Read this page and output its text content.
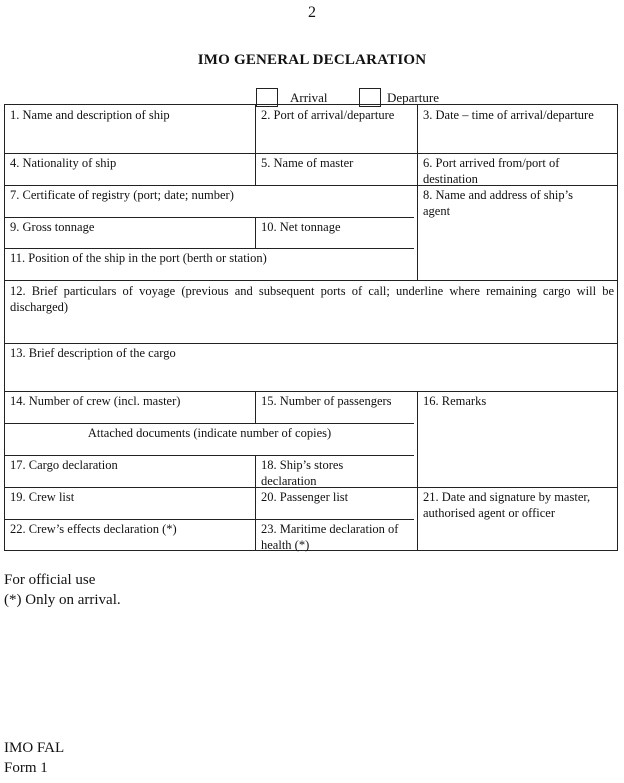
2
IMO GENERAL DECLARATION
Arrival	Departure
1. Name and description of ship	2. Port of arrival/departure	3. Date – time of arrival/departure
4. Nationality of ship	5. Name of master	6. Port arrived from/port of destination
7. Certificate of registry (port; date; number)	8. Name and address of ship’s agent
9. Gross tonnage	10. Net tonnage
11. Position of the ship in the port (berth or station)
12. Brief particulars of voyage (previous and subsequent ports of call; underline where remaining cargo will be discharged)
13. Brief description of the cargo
14. Number of crew (incl. master)	15. Number of passengers	16. Remarks
Attached documents (indicate number of copies)
17. Cargo declaration	18. Ship’s stores declaration
19. Crew list	20. Passenger list	21. Date and signature by master, authorised agent or officer
22. Crew’s effects declaration (*)	23. Maritime declaration of health (*)
For official use
(*) Only on arrival.
IMO FAL
Form 1
